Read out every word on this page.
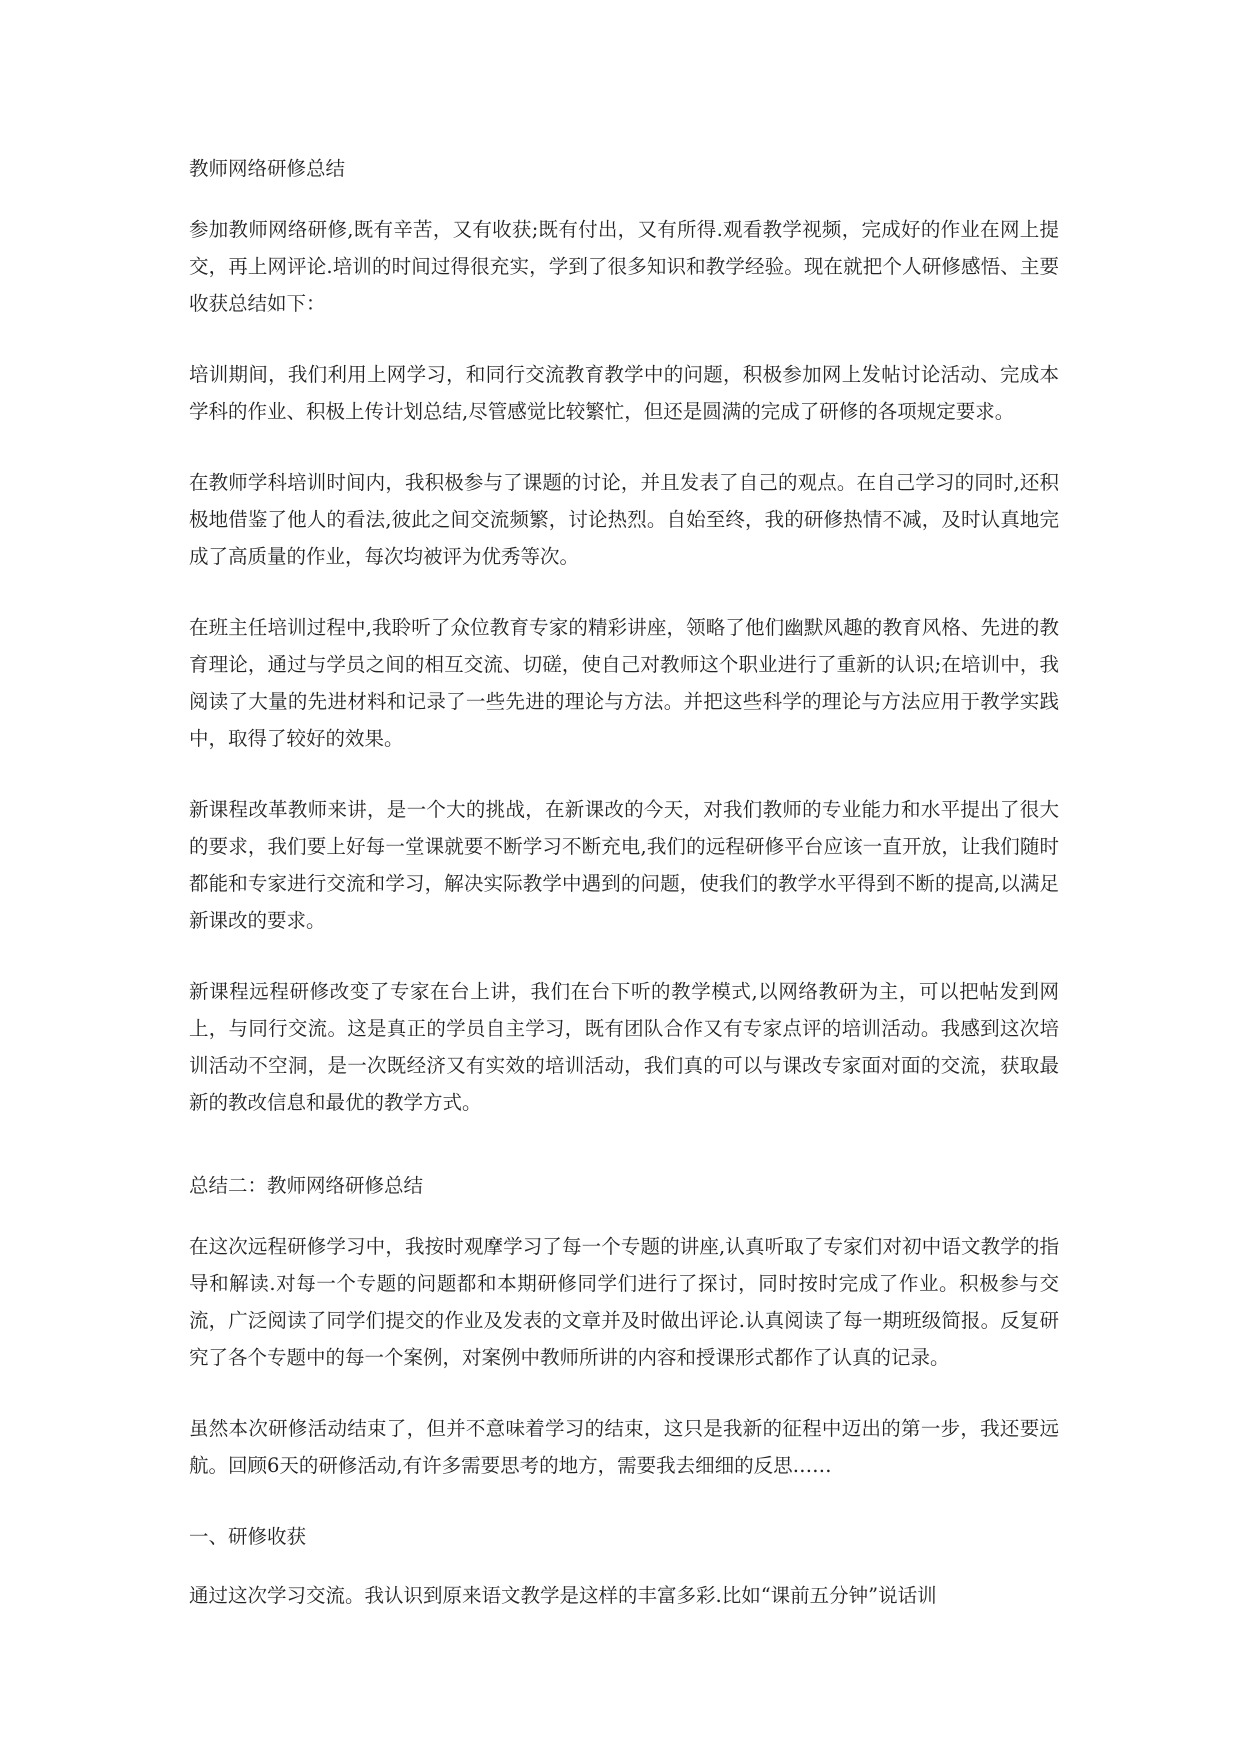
教师网络研修总结

参加教师网络研修,既有辛苦，又有收获;既有付出，又有所得.观看教学视频，完成好的作业在网上提交，再上网评论.培训的时间过得很充实，学到了很多知识和教学经验。现在就把个人研修感悟、主要收获总结如下：

培训期间，我们利用上网学习，和同行交流教育教学中的问题，积极参加网上发帖讨论活动、完成本学科的作业、积极上传计划总结,尽管感觉比较繁忙，但还是圆满的完成了研修的各项规定要求。

在教师学科培训时间内，我积极参与了课题的讨论，并且发表了自己的观点。在自己学习的同时,还积极地借鉴了他人的看法,彼此之间交流频繁，讨论热烈。自始至终，我的研修热情不减，及时认真地完成了高质量的作业，每次均被评为优秀等次。

在班主任培训过程中,我聆听了众位教育专家的精彩讲座，领略了他们幽默风趣的教育风格、先进的教育理论，通过与学员之间的相互交流、切磋，使自己对教师这个职业进行了重新的认识;在培训中，我阅读了大量的先进材料和记录了一些先进的理论与方法。并把这些科学的理论与方法应用于教学实践中，取得了较好的效果。

新课程改革教师来讲，是一个大的挑战，在新课改的今天，对我们教师的专业能力和水平提出了很大的要求，我们要上好每一堂课就要不断学习不断充电,我们的远程研修平台应该一直开放，让我们随时都能和专家进行交流和学习，解决实际教学中遇到的问题，使我们的教学水平得到不断的提高,以满足新课改的要求。

新课程远程研修改变了专家在台上讲，我们在台下听的教学模式,以网络教研为主，可以把帖发到网上，与同行交流。这是真正的学员自主学习，既有团队合作又有专家点评的培训活动。我感到这次培训活动不空洞，是一次既经济又有实效的培训活动，我们真的可以与课改专家面对面的交流，获取最新的教改信息和最优的教学方式。

总结二：教师网络研修总结

在这次远程研修学习中，我按时观摩学习了每一个专题的讲座,认真听取了专家们对初中语文教学的指导和解读.对每一个专题的问题都和本期研修同学们进行了探讨，同时按时完成了作业。积极参与交流，广泛阅读了同学们提交的作业及发表的文章并及时做出评论.认真阅读了每一期班级简报。反复研究了各个专题中的每一个案例，对案例中教师所讲的内容和授课形式都作了认真的记录。

虽然本次研修活动结束了，但并不意味着学习的结束，这只是我新的征程中迈出的第一步，我还要远航。回顾6天的研修活动,有许多需要思考的地方，需要我去细细的反思……

一、研修收获

通过这次学习交流。我认识到原来语文教学是这样的丰富多彩.比如“课前五分钟”说话训
